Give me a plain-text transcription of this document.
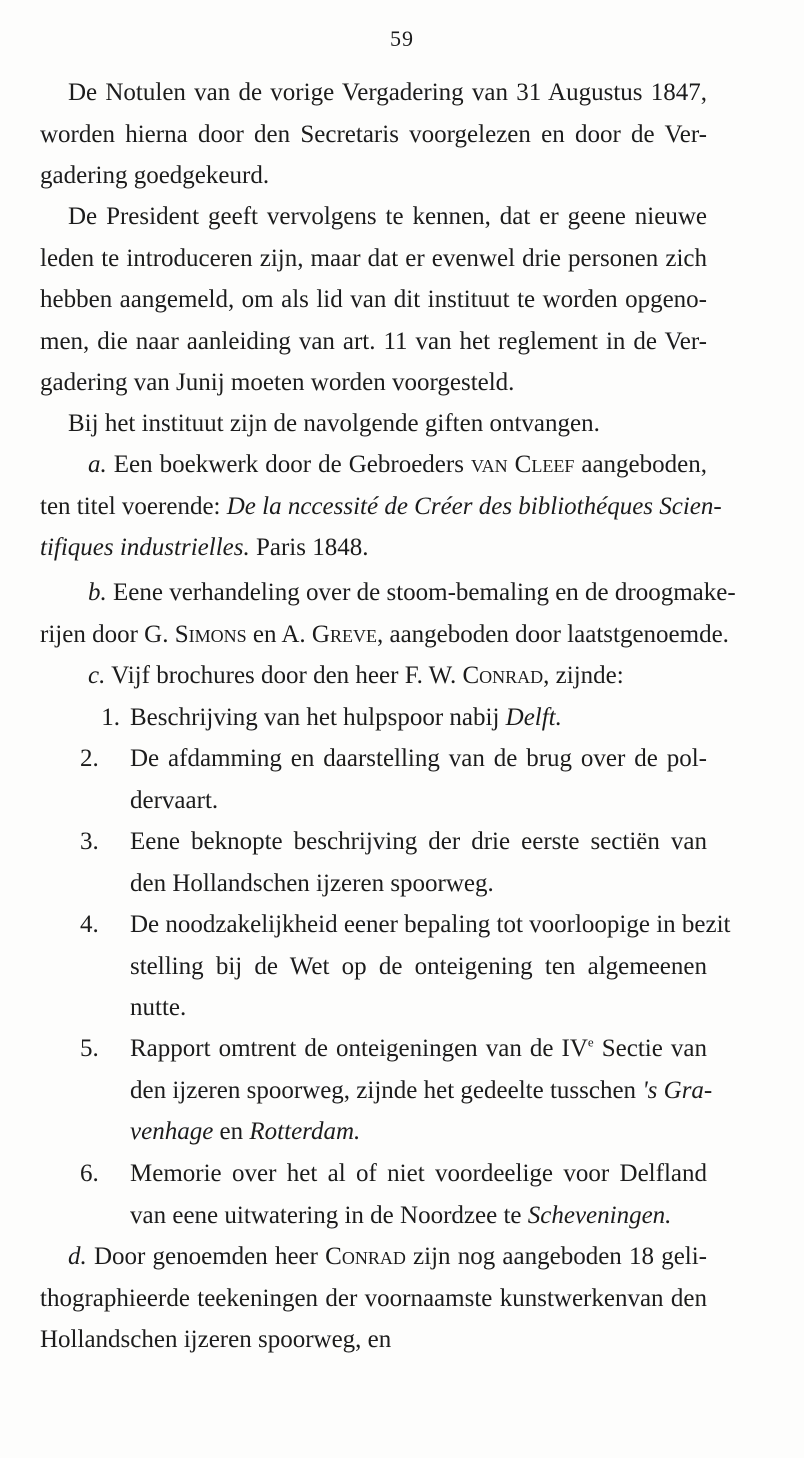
59
De Notulen van de vorige Vergadering van 31 Augustus 1847,
worden hierna door den Secretaris voorgelezen en door de Ver-
gadering goedgekeurd.
De President geeft vervolgens te kennen, dat er geene nieuwe
leden te introduceren zijn, maar dat er evenwel drie personen zich
hebben aangemeld, om als lid van dit instituut te worden opgeno-
men, die naar aanleiding van art. 11 van het reglement in de Ver-
gadering van Junij moeten worden voorgesteld.
Bij het instituut zijn de navolgende giften ontvangen.
a. Een boekwerk door de Gebroeders van Cleef aangeboden,
ten titel voerende: De la nccessité de Créer des bibliothéques Scien-
tifiques industrielles. Paris 1848.
b. Eene verhandeling over de stoom-bemaling en de droogmake-
rijen door G. Simons en A. Greve, aangeboden door laatstgenoemde.
c. Vijf brochures door den heer F. W. Conrad, zijnde:
1. Beschrijving van het hulpspoor nabij Delft.
2. De afdamming en daarstelling van de brug over de pol-
dervaart.
3. Eene beknopte beschrijving der drie eerste sectiën van
den Hollandschen ijzeren spoorweg.
4. De noodzakelijkheid eener bepaling tot voorloopige in bezit
stelling bij de Wet op de onteigening ten algemeenen
nutte.
5. Rapport omtrent de onteigeningen van de IVe Sectie van
den ijzeren spoorweg, zijnde het gedeelte tusschen 's Gra-
venhage en Rotterdam.
6. Memorie over het al of niet voordeelige voor Delfland
van eene uitwatering in de Noordzee te Scheveningen.
d. Door genoemden heer Conrad zijn nog aangeboden 18 geli-
thographieerde teekeningen der voornaamste kunstwerkenvan den
Hollandschen ijzeren spoorweg, en
